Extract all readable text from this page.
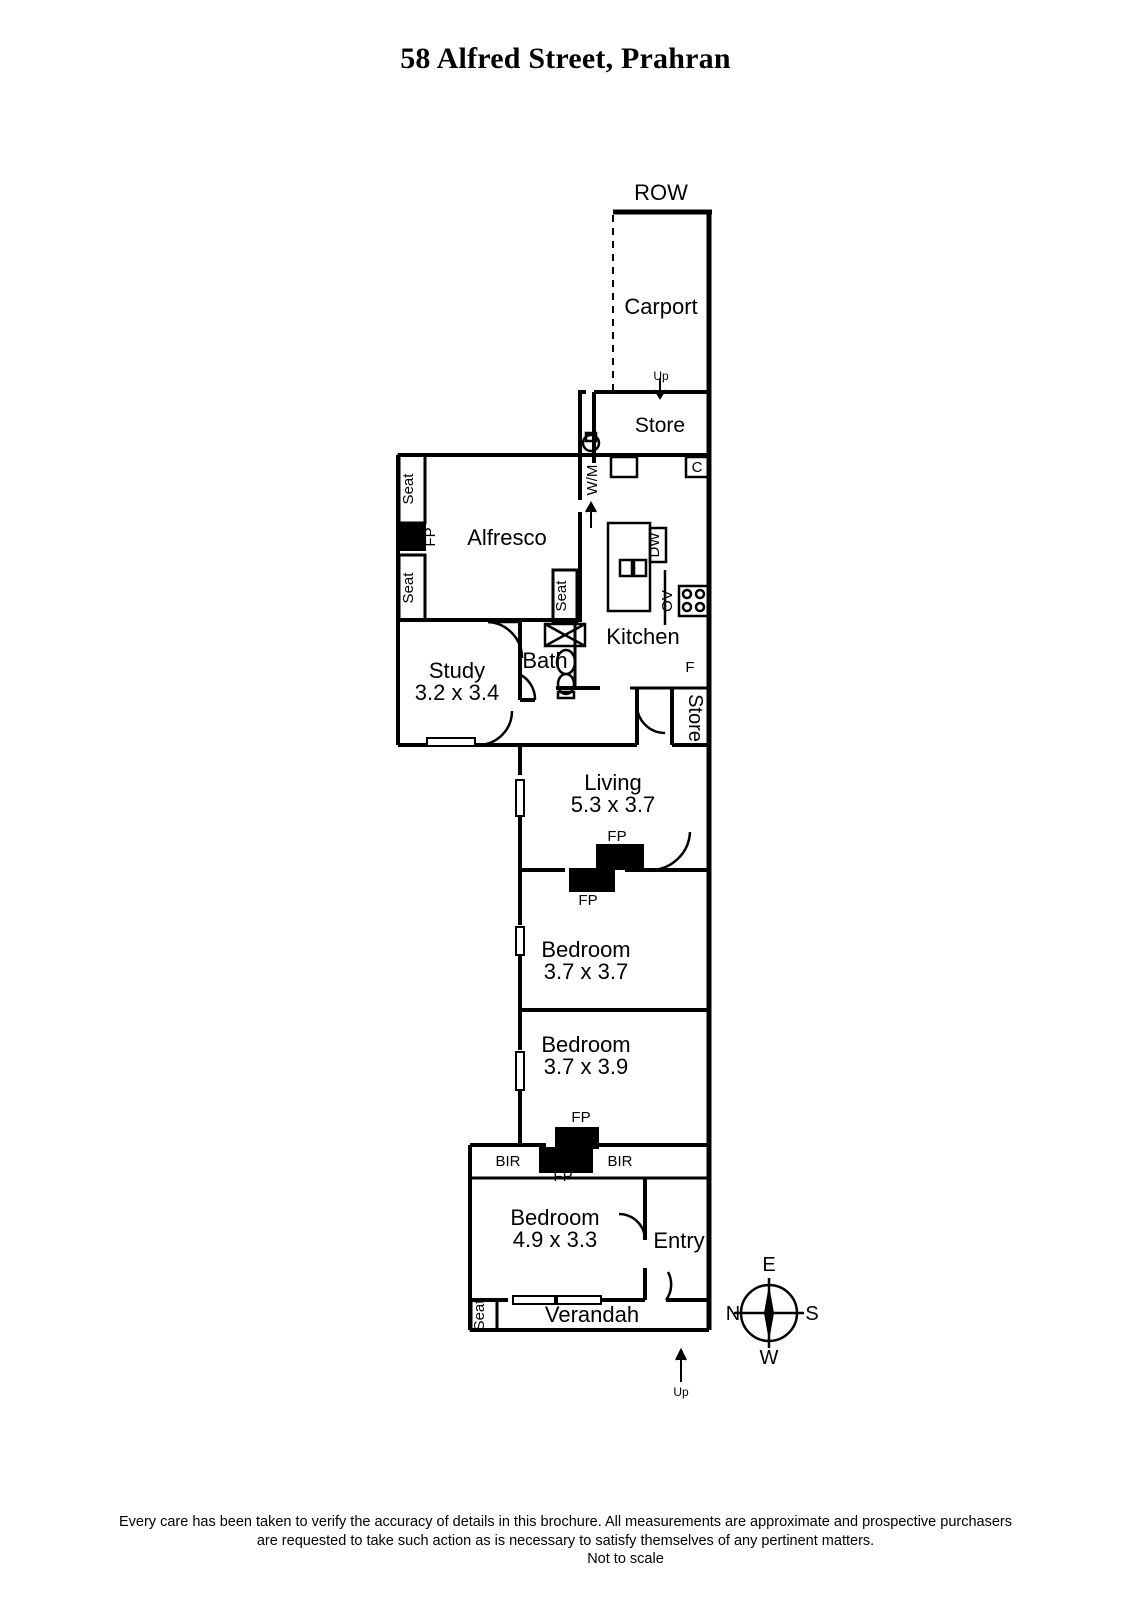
58 Alfred Street, Prahran
ROW
Carport
Store
Up
Alfresco
Kitchen
Study
3.2 x 3.4
Bath
Store
Living
5.3 x 3.7
Bedroom
3.7 x 3.7
Bedroom
3.7 x 3.9
Bedroom
4.9 x 3.3	Entry
Verandah
Up
Seat
Seat
FP
Seat
Seat
W/M
DW
OV
F
C
FP
FP
FP
FP
BIR	BIR
N
E
S
W
Every care has been taken to verify the accuracy of details in this brochure. All measurements are approximate and prospective purchasers
are requested to take such action as is necessary to satisfy themselves of any pertinent matters.
Not to scale
